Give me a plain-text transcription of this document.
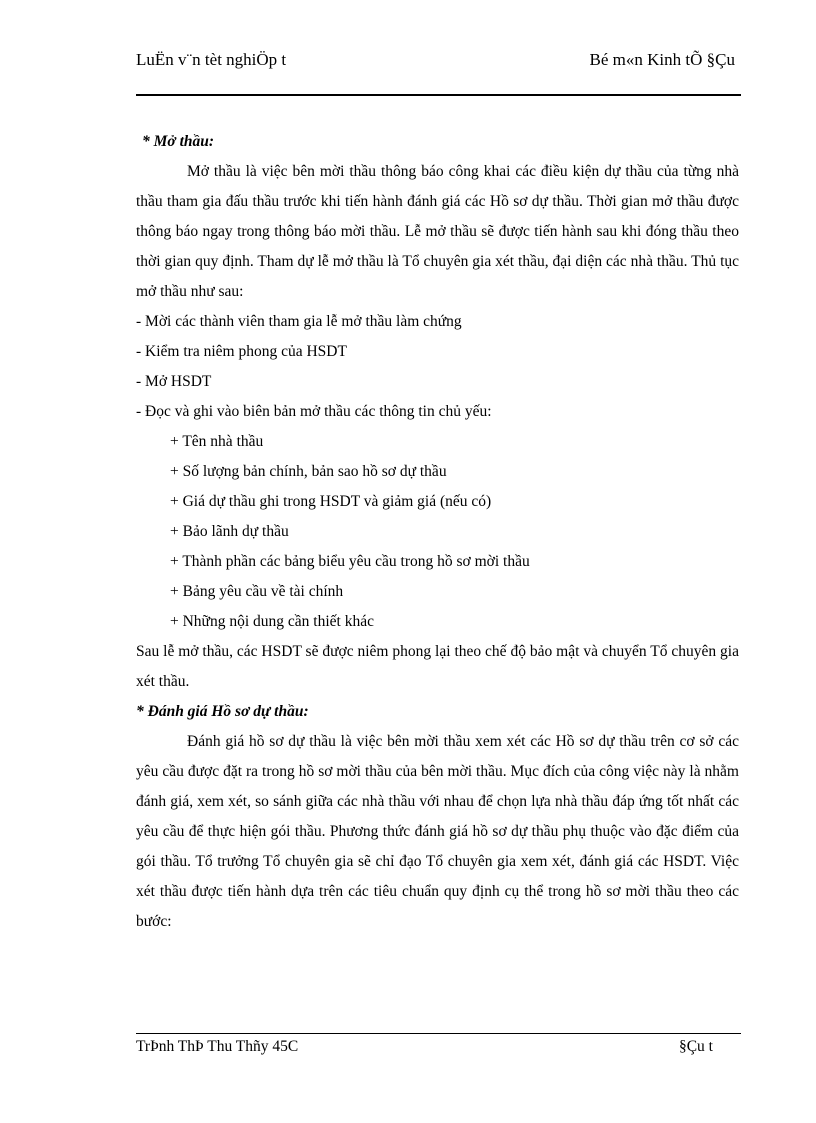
LuËn v¨n tèt nghiÖp t	Bé m«n Kinh tÕ §Çu

* Mở thầu:

Mở thầu là việc bên mời thầu thông báo công khai các điều kiện dự thầu của từng nhà thầu tham gia đấu thầu trước khi tiến hành đánh giá các Hồ sơ dự thầu. Thời gian mở thầu được thông báo ngay trong thông báo mời thầu. Lễ mở thầu sẽ được tiến hành sau khi đóng thầu theo thời gian quy định. Tham dự lễ mở thầu là Tổ chuyên gia xét thầu, đại diện các nhà thầu. Thủ tục mở thầu như sau:

- Mời các thành viên tham gia lễ mở thầu làm chứng

- Kiểm tra niêm phong của HSDT

- Mở HSDT

- Đọc và ghi vào biên bản mở thầu các thông tin chủ yếu:

+ Tên nhà thầu

+ Số lượng bản chính, bản sao hồ sơ dự thầu

+ Giá dự thầu ghi trong HSDT và giảm giá (nếu có)

+ Bảo lãnh dự thầu

+ Thành phần các bảng biểu yêu cầu trong hồ sơ mời thầu

+ Bảng yêu cầu về tài chính

+ Những nội dung cần thiết khác

Sau lễ mở thầu, các HSDT sẽ được niêm phong lại theo chế độ bảo mật và chuyển Tổ chuyên gia xét thầu.

* Đánh giá Hồ sơ dự thầu:

Đánh giá hồ sơ dự thầu là việc bên mời thầu xem xét các Hồ sơ dự thầu trên cơ sở các yêu cầu được đặt ra trong hồ sơ mời thầu của bên mời thầu. Mục đích của công việc này là nhằm đánh giá, xem xét, so sánh giữa các nhà thầu với nhau để chọn lựa nhà thầu đáp ứng tốt nhất các yêu cầu để thực hiện gói thầu. Phương thức đánh giá hồ sơ dự thầu phụ thuộc vào đặc điểm của gói thầu. Tổ trưởng Tổ chuyên gia sẽ chỉ đạo Tổ chuyên gia xem xét, đánh giá các HSDT. Việc xét thầu được tiến hành dựa trên các tiêu chuẩn quy định cụ thể trong hồ sơ mời thầu theo các bước:

TrÞnh ThÞ Thu Thñy 45C	§Çu t
